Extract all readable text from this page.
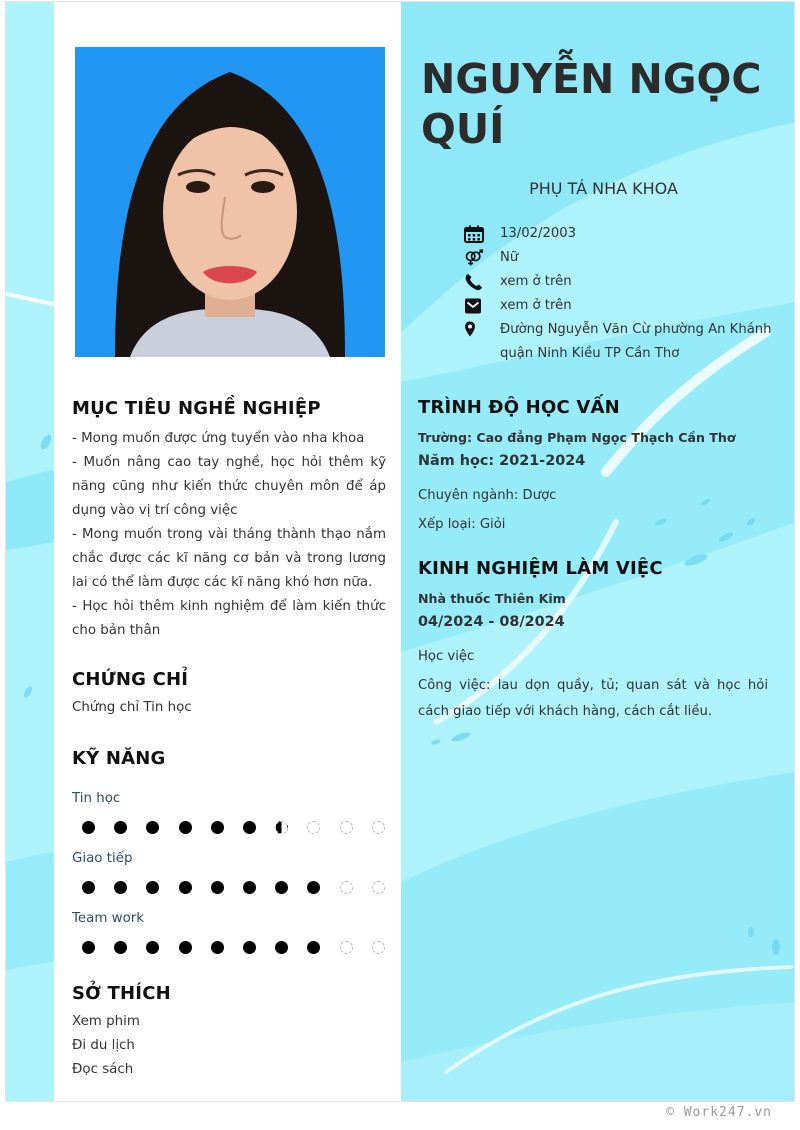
MỤC TIÊU NGHỀ NGHIỆP
- Mong muốn được ứng tuyển vào nha khoa
- Muốn nâng cao tay nghề, học hỏi thêm kỹ năng cũng như kiến thức chuyên môn để áp dụng vào vị trí công việc
- Mong muốn trong vài tháng thành thạo nắm chắc được các kĩ năng cơ bản và trong lương lai có thể làm được các kĩ năng khó hơn nữa.
- Học hỏi thêm kinh nghiệm để làm kiến thức cho bản thân
CHỨNG CHỈ
Chứng chỉ Tin học
KỸ NĂNG
Tin học
Giao tiếp
Team work
SỞ THÍCH
Xem phim
Đi du lịch
Đọc sách
NGUYỄN NGỌC QUÍ
PHỤ TÁ NHA KHOA
13/02/2003
Nữ
xem ở trên
xem ở trên
Đường Nguyễn Văn Cừ phường An Khánh quận Ninh Kiều TP Cần Thơ
TRÌNH ĐỘ HỌC VẤN
Trường: Cao đẳng Phạm Ngọc Thạch Cần Thơ
Năm học: 2021-2024
Chuyên ngành: Dược
Xếp loại: Giỏi
KINH NGHIỆM LÀM VIỆC
Nhà thuốc Thiên Kim
04/2024 - 08/2024
Học việc
Công việc: lau dọn quầy, tủ; quan sát và học hỏi cách giao tiếp với khách hàng, cách cắt liều.
© Work247.vn
